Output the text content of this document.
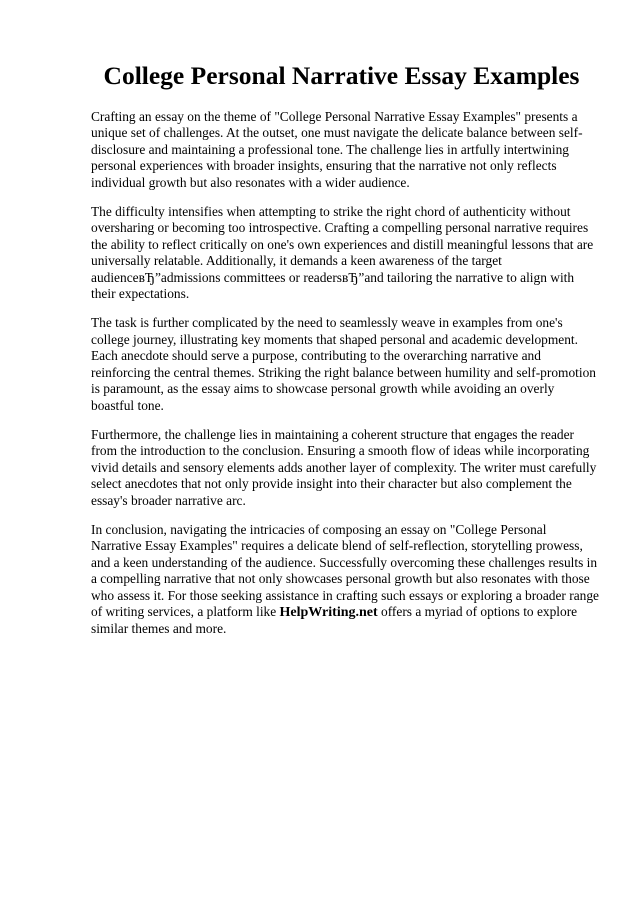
College Personal Narrative Essay Examples

Crafting an essay on the theme of "College Personal Narrative Essay Examples" presents a unique set of challenges. At the outset, one must navigate the delicate balance between self-disclosure and maintaining a professional tone. The challenge lies in artfully intertwining personal experiences with broader insights, ensuring that the narrative not only reflects individual growth but also resonates with a wider audience.

The difficulty intensifies when attempting to strike the right chord of authenticity without oversharing or becoming too introspective. Crafting a compelling personal narrative requires the ability to reflect critically on one's own experiences and distill meaningful lessons that are universally relatable. Additionally, it demands a keen awareness of the target audienceвЂ”admissions committees or readersвЂ”and tailoring the narrative to align with their expectations.

The task is further complicated by the need to seamlessly weave in examples from one's college journey, illustrating key moments that shaped personal and academic development. Each anecdote should serve a purpose, contributing to the overarching narrative and reinforcing the central themes. Striking the right balance between humility and self-promotion is paramount, as the essay aims to showcase personal growth while avoiding an overly boastful tone.

Furthermore, the challenge lies in maintaining a coherent structure that engages the reader from the introduction to the conclusion. Ensuring a smooth flow of ideas while incorporating vivid details and sensory elements adds another layer of complexity. The writer must carefully select anecdotes that not only provide insight into their character but also complement the essay's broader narrative arc.

In conclusion, navigating the intricacies of composing an essay on "College Personal Narrative Essay Examples" requires a delicate blend of self-reflection, storytelling prowess, and a keen understanding of the audience. Successfully overcoming these challenges results in a compelling narrative that not only showcases personal growth but also resonates with those who assess it. For those seeking assistance in crafting such essays or exploring a broader range of writing services, a platform like HelpWriting.net offers a myriad of options to explore similar themes and more.
